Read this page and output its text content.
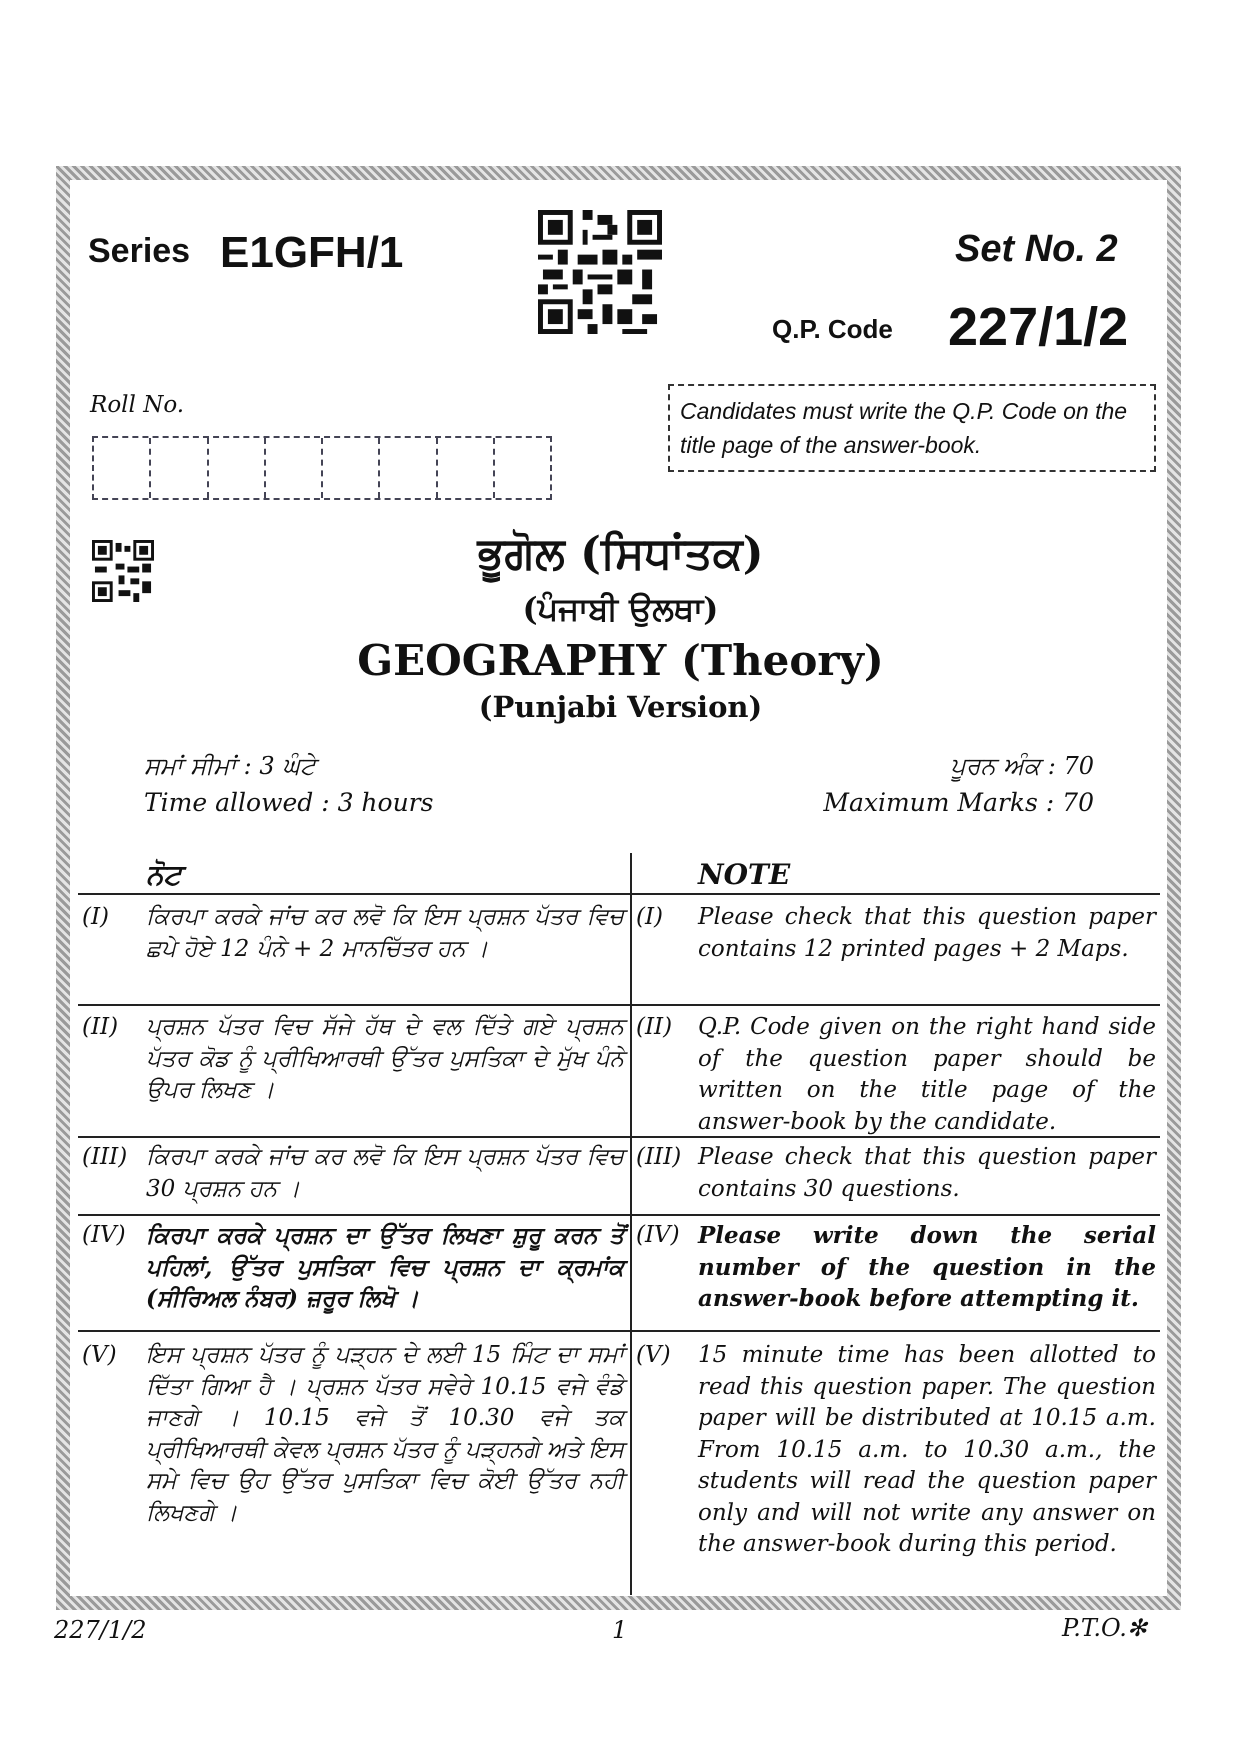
Series E1GFH/1	Set No. 2
Q.P. Code 227/1/2
Roll No.	Candidates must write the Q.P. Code on the title page of the answer-book.
ਭੂਗੋਲ (ਸਿਧਾਂਤਕ)
(ਪੰਜਾਬੀ ਉਲਥਾ)
GEOGRAPHY (Theory)
(Punjabi Version)
ਸਮਾਂ ਸੀਮਾਂ : 3 ਘੰਟੇ
Time allowed : 3 hours
ਪੂਰਨ ਅੰਕ : 70
Maximum Marks : 70
ਨੋਟ	NOTE
(I) ਕਿਰਪਾ ਕਰਕੇ ਜਾਂਚ ਕਰ ਲਵੋ ਕਿ ਇਸ ਪ੍ਰਸ਼ਨ ਪੱਤਰ ਵਿਚ ਛਪੇ ਹੋਏ 12 ਪੰਨੇ + 2 ਮਾਨਚਿੱਤਰ ਹਨ ।
(I) Please check that this question paper contains 12 printed pages + 2 Maps.
(II) ਪ੍ਰਸ਼ਨ ਪੱਤਰ ਵਿਚ ਸੱਜੇ ਹੱਥ ਦੇ ਵਲ ਦਿੱਤੇ ਗਏ ਪ੍ਰਸ਼ਨ ਪੱਤਰ ਕੋਡ ਨੂੰ ਪ੍ਰੀਖਿਆਰਥੀ ਉੱਤਰ ਪੁਸਤਿਕਾ ਦੇ ਮੁੱਖ ਪੰਨੇ ਉਪਰ ਲਿਖਣ ।
(II) Q.P. Code given on the right hand side of the question paper should be written on the title page of the answer-book by the candidate.
(III) ਕਿਰਪਾ ਕਰਕੇ ਜਾਂਚ ਕਰ ਲਵੋ ਕਿ ਇਸ ਪ੍ਰਸ਼ਨ ਪੱਤਰ ਵਿਚ 30 ਪ੍ਰਸ਼ਨ ਹਨ ।
(III) Please check that this question paper contains 30 questions.
(IV) ਕਿਰਪਾ ਕਰਕੇ ਪ੍ਰਸ਼ਨ ਦਾ ਉੱਤਰ ਲਿਖਣਾ ਸ਼ੁਰੂ ਕਰਨ ਤੋਂ ਪਹਿਲਾਂ, ਉੱਤਰ ਪੁਸਤਿਕਾ ਵਿਚ ਪ੍ਰਸ਼ਨ ਦਾ ਕ੍ਰਮਾਂਕ (ਸੀਰਿਅਲ ਨੰਬਰ) ਜ਼ਰੂਰ ਲਿਖੋ ।
(IV) Please write down the serial number of the question in the answer-book before attempting it.
(V) ਇਸ ਪ੍ਰਸ਼ਨ ਪੱਤਰ ਨੂੰ ਪੜ੍ਹਨ ਦੇ ਲਈ 15 ਮਿੰਟ ਦਾ ਸਮਾਂ ਦਿੱਤਾ ਗਿਆ ਹੈ । ਪ੍ਰਸ਼ਨ ਪੱਤਰ ਸਵੇਰੇ 10.15 ਵਜੇ ਵੰਡੇ ਜਾਣਗੇ । 10.15 ਵਜੇ ਤੋਂ 10.30 ਵਜੇ ਤਕ ਪ੍ਰੀਖਿਆਰਥੀ ਕੇਵਲ ਪ੍ਰਸ਼ਨ ਪੱਤਰ ਨੂੰ ਪੜ੍ਹਨਗੇ ਅਤੇ ਇਸ ਸਮੇ ਵਿਚ ਉਹ ਉੱਤਰ ਪੁਸਤਿਕਾ ਵਿਚ ਕੋਈ ਉੱਤਰ ਨਹੀ ਲਿਖਣਗੇ ।
(V) 15 minute time has been allotted to read this question paper. The question paper will be distributed at 10.15 a.m. From 10.15 a.m. to 10.30 a.m., the students will read the question paper only and will not write any answer on the answer-book during this period.
227/1/2	1	P.T.O.✻
